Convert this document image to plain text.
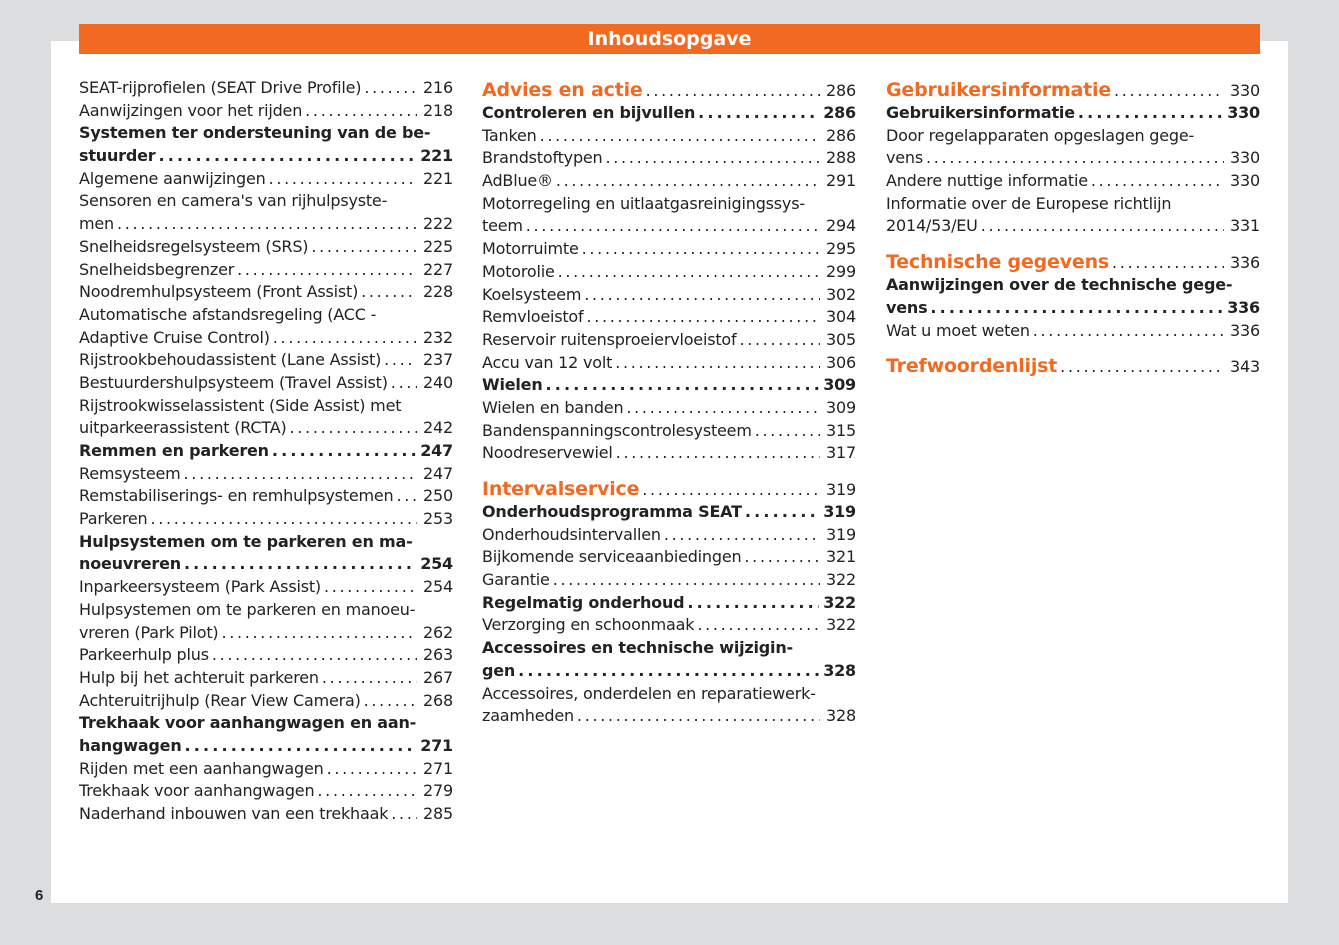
Inhoudsopgave
SEAT-rijprofielen (SEAT Drive Profile) . . .	216
Aanwijzingen voor het rijden . . .	218
Systemen ter ondersteuning van de be-
stuurder . . .	221
Algemene aanwijzingen . . .	221
Sensoren en camera's van rijhulpsyste-
men . . .	222
Snelheidsregelsysteem (SRS) . . .	225
Snelheidsbegrenzer . . .	227
Noodremhulpsysteem (Front Assist) . . .	228
Automatische afstandsregeling (ACC -
Adaptive Cruise Control) . . .	232
Rijstrookbehoudassistent (Lane Assist) . . .	237
Bestuurdershulpsysteem (Travel Assist) . . . 240
Rijstrookwisselassistent (Side Assist) met
uitparkeerassistent (RCTA) . . .	242
Remmen en parkeren . . .	247
Remsysteem . . .	247
Remstabiliserings- en remhulpsystemen . . . 250
Parkeren . . .	253
Hulpsystemen om te parkeren en ma-
noeuvreren . . .	254
Inparkeersysteem (Park Assist) . . .	254
Hulpsystemen om te parkeren en manoeu-
vreren (Park Pilot) . . .	262
Parkeerhulp plus . . .	263
Hulp bij het achteruit parkeren . . .	267
Achteruitrijhulp (Rear View Camera) . . .	268
Trekhaak voor aanhangwagen en aan-
hangwagen . . .	271
Rijden met een aanhangwagen . . .	271
Trekhaak voor aanhangwagen . . .	279
Naderhand inbouwen van een trekhaak . . . 285
Advies en actie . . .	286
Controleren en bijvullen . . .	286
Tanken . . .	286
Brandstoftypen . . .	288
AdBlue® . . .	291
Motorregeling en uitlaatgasreinigingssys-
teem . . .	294
Motorruimte . . .	295
Motorolie . . .	299
Koelsysteem . . .	302
Remvloeistof . . .	304
Reservoir ruitensproeiervloeistof . . .	305
Accu van 12 volt . . .	306
Wielen . . .	309
Wielen en banden . . .	309
Bandenspanningscontrolesysteem . . .	315
Noodreservewiel . . .	317
Intervalservice . . .	319
Onderhoudsprogramma SEAT . . .	319
Onderhoudsintervallen . . .	319
Bijkomende serviceaanbiedingen . . .	321
Garantie . . .	322
Regelmatig onderhoud . . .	322
Verzorging en schoonmaak . . .	322
Accessoires en technische wijzigin-
gen . . .	328
Accessoires, onderdelen en reparatiewerk-
zaamheden . . .	328
Gebruikersinformatie . . .	330
Gebruikersinformatie . . .	330
Door regelapparaten opgeslagen gege-
vens . . .	330
Andere nuttige informatie . . .	330
Informatie over de Europese richtlijn
2014/53/EU . . .	331
Technische gegevens . . .	336
Aanwijzingen over de technische gege-
vens . . .	336
Wat u moet weten . . .	336
Trefwoordenlijst . . .	343
6
